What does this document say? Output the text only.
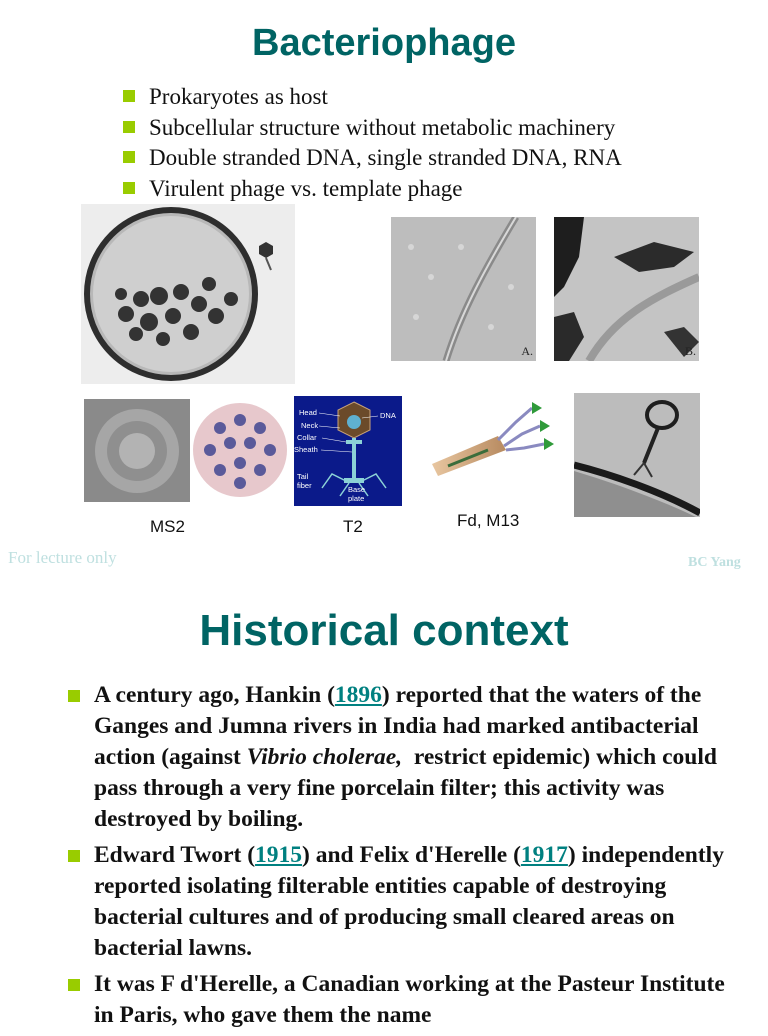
Bacteriophage
Prokaryotes as host
Subcellular structure without metabolic machinery
Double stranded DNA, single stranded DNA, RNA
Virulent phage vs. template phage
A.	B.
Head
Neck
Collar
Sheath
Tail
fiber	Base
plate
DNA
MS2	T2	Fd, M13
For lecture only	BC Yang
Historical context
A century ago, Hankin (1896) reported that the waters of the Ganges and Jumna rivers in India had marked antibacterial action (against Vibrio cholerae,  restrict epidemic) which could pass through a very fine porcelain filter; this activity was destroyed by boiling.
Edward Twort (1915) and Felix d'Herelle (1917) independently reported isolating filterable entities capable of destroying bacterial cultures and of producing small cleared areas on bacterial lawns.
It was F d'Herelle, a Canadian working at the Pasteur Institute in Paris, who gave them the name
